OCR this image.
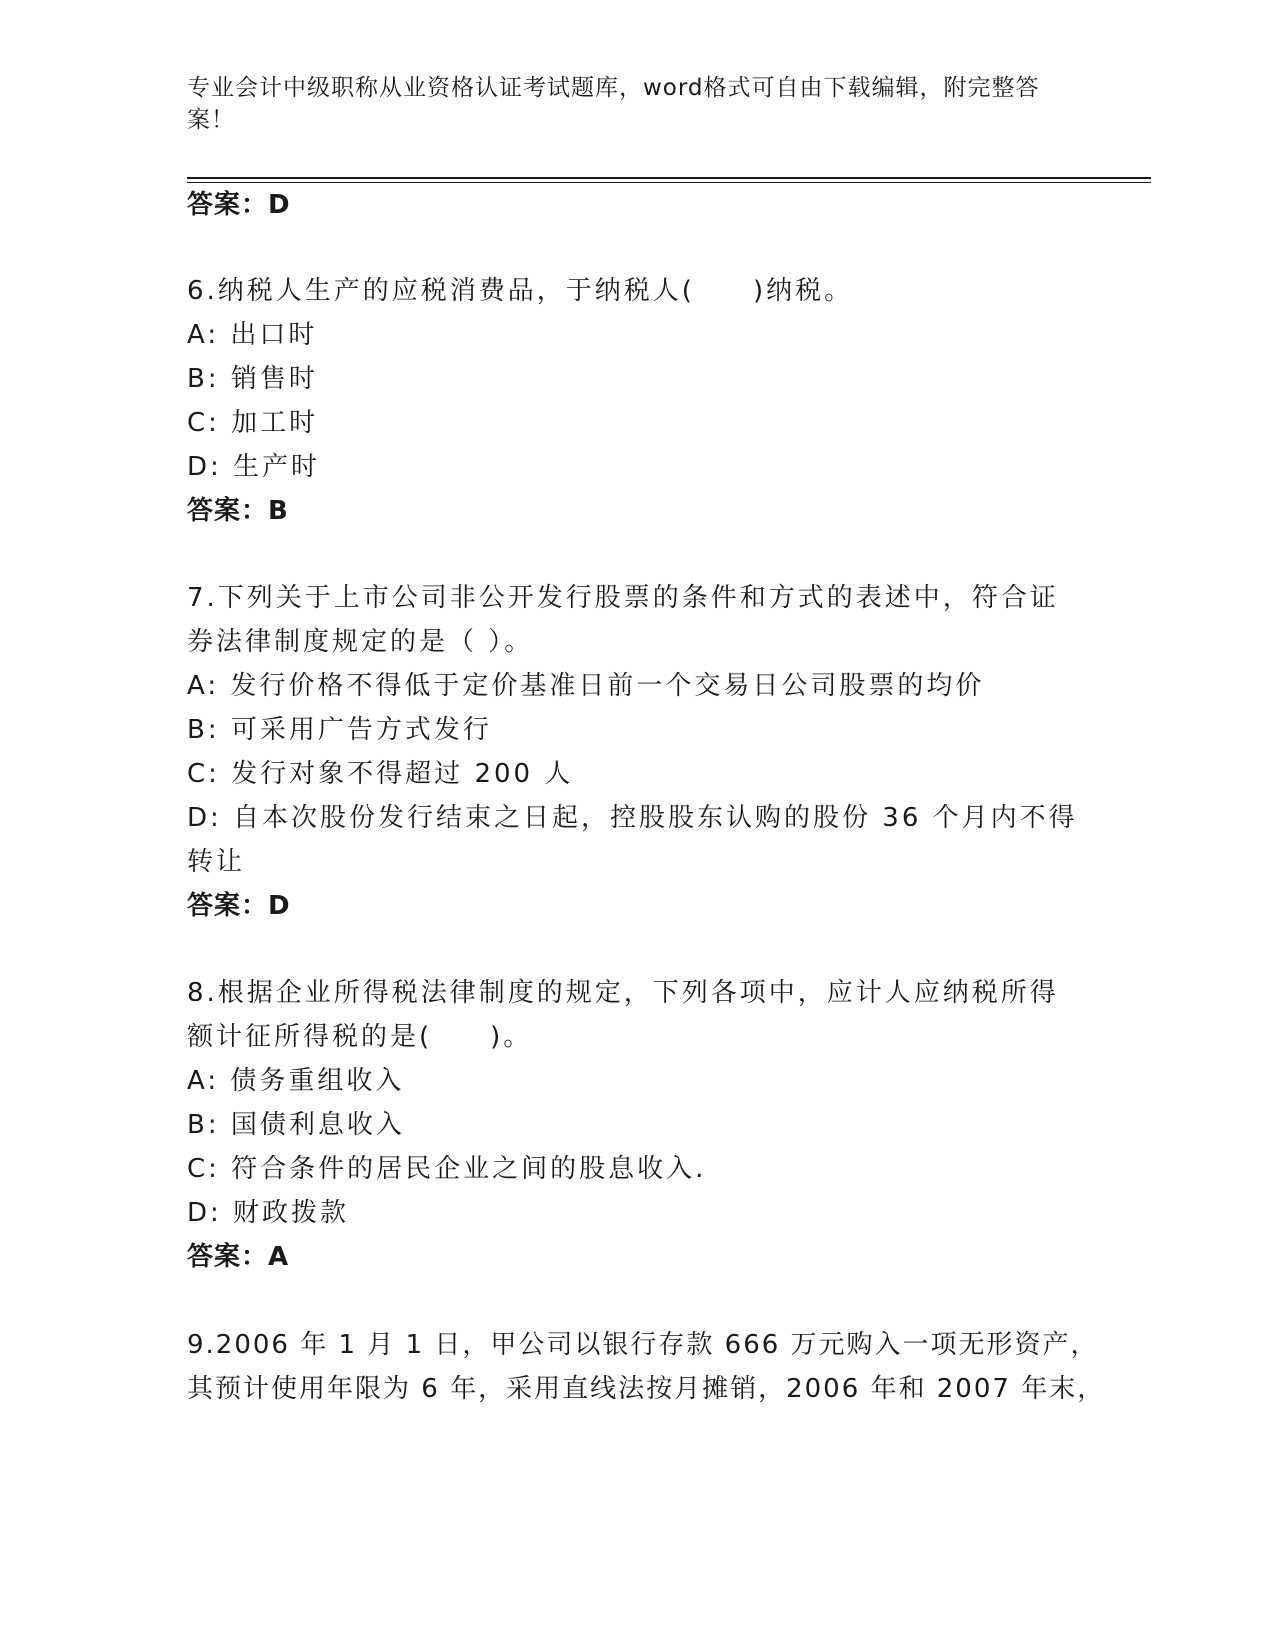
专业会计中级职称从业资格认证考试题库，word格式可自由下载编辑，附完整答案！
答案：D
6.纳税人生产的应税消费品，于纳税人(　　)纳税。
A: 出口时
B: 销售时
C: 加工时
D: 生产时
答案：B
7.下列关于上市公司非公开发行股票的条件和方式的表述中，符合证
券法律制度规定的是（ ）。
A: 发行价格不得低于定价基准日前一个交易日公司股票的均价
B: 可采用广告方式发行
C: 发行对象不得超过 200 人
D: 自本次股份发行结束之日起，控股股东认购的股份 36 个月内不得
转让
答案：D
8.根据企业所得税法律制度的规定，下列各项中，应计人应纳税所得
额计征所得税的是(　　)。
A: 债务重组收入
B: 国债利息收入
C: 符合条件的居民企业之间的股息收入.
D: 财政拨款
答案：A
9.2006 年 1 月 1 日，甲公司以银行存款 666 万元购入一项无形资产，
其预计使用年限为 6 年，采用直线法按月摊销，2006 年和 2007 年末，
